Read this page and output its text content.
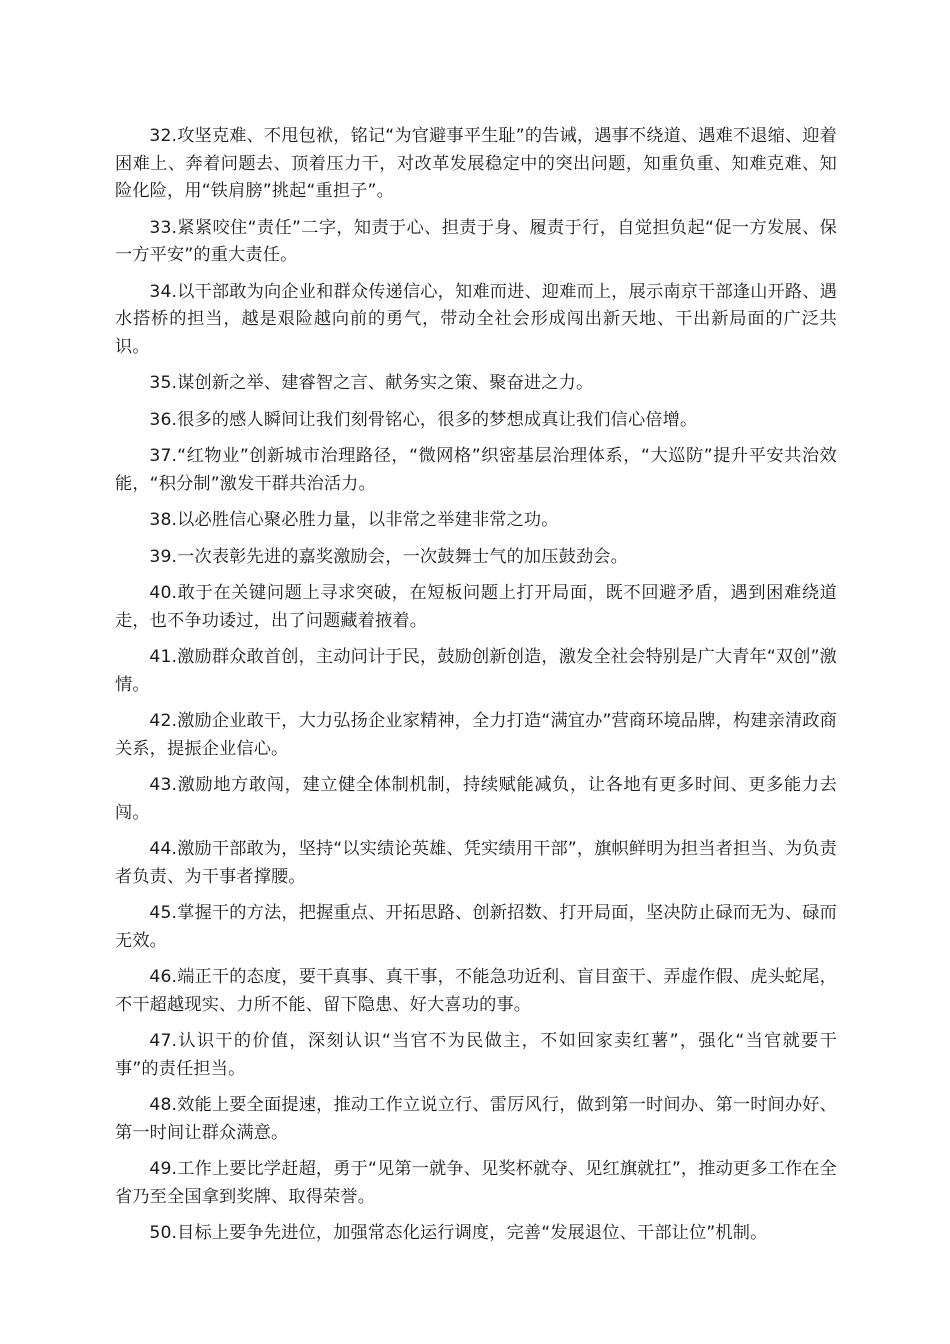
32.攻坚克难、不甩包袱，铭记“为官避事平生耻”的告诫，遇事不绕道、遇难不退缩、迎着困难上、奔着问题去、顶着压力干，对改革发展稳定中的突出问题，知重负重、知难克难、知险化险，用“铁肩膀”挑起“重担子”。

33.紧紧咬住“责任”二字，知责于心、担责于身、履责于行，自觉担负起“促一方发展、保一方平安”的重大责任。

34.以干部敢为向企业和群众传递信心，知难而进、迎难而上，展示南京干部逢山开路、遇水搭桥的担当，越是艰险越向前的勇气，带动全社会形成闯出新天地、干出新局面的广泛共识。

35.谋创新之举、建睿智之言、献务实之策、聚奋进之力。

36.很多的感人瞬间让我们刻骨铭心，很多的梦想成真让我们信心倍增。

37.“红物业”创新城市治理路径，“微网格”织密基层治理体系，“大巡防”提升平安共治效能，“积分制”激发干群共治活力。

38.以必胜信心聚必胜力量，以非常之举建非常之功。

39.一次表彰先进的嘉奖激励会，一次鼓舞士气的加压鼓劲会。

40.敢于在关键问题上寻求突破，在短板问题上打开局面，既不回避矛盾，遇到困难绕道走，也不争功诿过，出了问题藏着掖着。

41.激励群众敢首创，主动问计于民，鼓励创新创造，激发全社会特别是广大青年“双创”激情。

42.激励企业敢干，大力弘扬企业家精神，全力打造“满宜办”营商环境品牌，构建亲清政商关系，提振企业信心。

43.激励地方敢闯，建立健全体制机制，持续赋能减负，让各地有更多时间、更多能力去闯。

44.激励干部敢为，坚持“以实绩论英雄、凭实绩用干部”，旗帜鲜明为担当者担当、为负责者负责、为干事者撑腰。

45.掌握干的方法，把握重点、开拓思路、创新招数、打开局面，坚决防止碌而无为、碌而无效。

46.端正干的态度，要干真事、真干事，不能急功近利、盲目蛮干、弄虚作假、虎头蛇尾，不干超越现实、力所不能、留下隐患、好大喜功的事。

47.认识干的价值，深刻认识“当官不为民做主，不如回家卖红薯”，强化“当官就要干事”的责任担当。

48.效能上要全面提速，推动工作立说立行、雷厉风行，做到第一时间办、第一时间办好、第一时间让群众满意。

49.工作上要比学赶超，勇于“见第一就争、见奖杯就夺、见红旗就扛”，推动更多工作在全省乃至全国拿到奖牌、取得荣誉。

50.目标上要争先进位，加强常态化运行调度，完善“发展退位、干部让位”机制。
